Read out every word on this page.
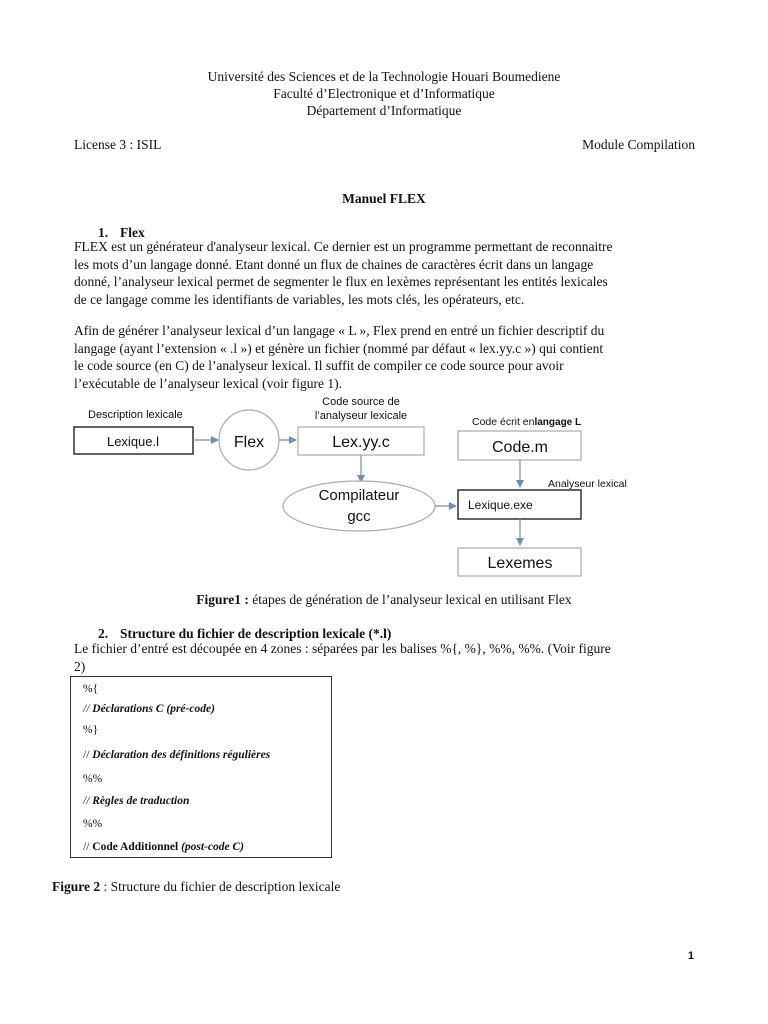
Université des Sciences et de la Technologie Houari Boumediene
Faculté d’Electronique et d’Informatique
Département d’Informatique
License 3 : ISIL	Module Compilation
Manuel FLEX
1. Flex
FLEX est un générateur d'analyseur lexical. Ce dernier est un programme permettant de reconnaitre
les mots d’un langage donné. Etant donné un flux de chaines de caractères écrit dans un langage
donné, l’analyseur lexical permet de segmenter le flux en lexèmes représentant les entités lexicales
de ce langage comme les identifiants de variables, les mots clés, les opérateurs, etc.
Afin de générer l’analyseur lexical d’un langage « L », Flex prend en entré un fichier descriptif du
langage (ayant l’extension « .l ») et génère un fichier (nommé par défaut « lex.yy.c ») qui contient
le code source (en C) de l’analyseur lexical. Il suffit de compiler ce code source pour avoir
l’exécutable de l’analyseur lexical (voir figure 1).
Description lexicale
Lexique.l	Flex
Code source de
l’analyseur lexicale
Lex.yy.c
Compilateur
gcc
Code écrit enlangage L
Code.m
Analyseur lexical
Lexique.exe
Lexemes
Figure1 : étapes de génération de l’analyseur lexical en utilisant Flex
2. Structure du fichier de description lexicale (*.l)
Le fichier d’entré est découpée en 4 zones : séparées par les balises %{, %}, %%, %%. (Voir figure
2)
%{
// Déclarations C (pré-code)
%}
// Déclaration des définitions régulières
%%
// Règles de traduction
%%
// Code Additionnel (post-code C)
Figure 2 : Structure du fichier de description lexicale
1
